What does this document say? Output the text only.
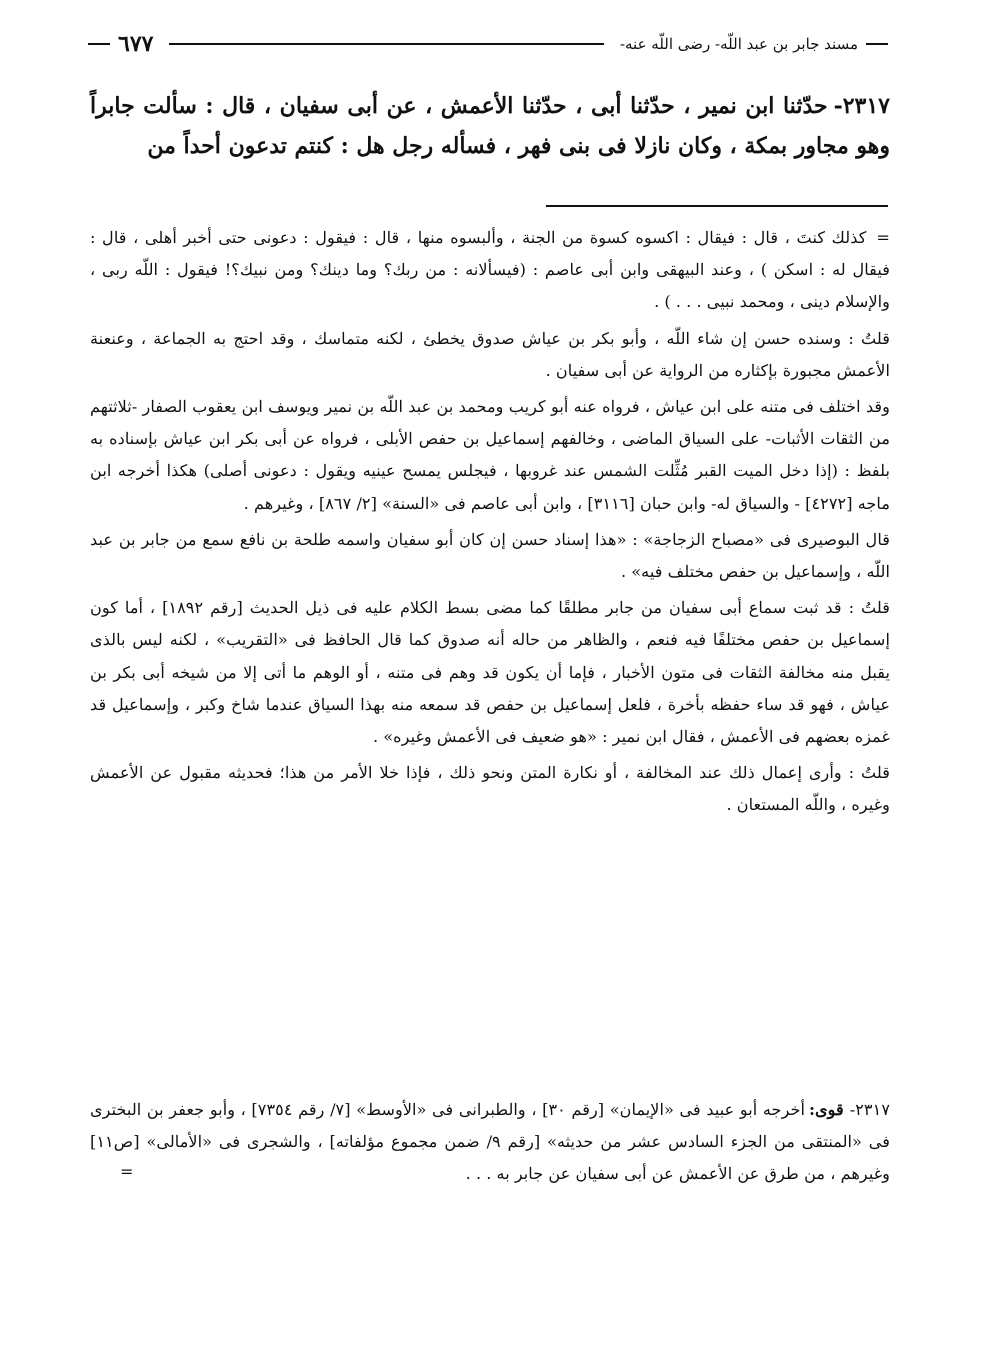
مسند جابر بن عبد اللّه- رضى اللّه عنه-
٦٧٧
٢٣١٧-حدّثنا ابن نمير ، حدّثنا أبى ، حدّثنا الأعمش ، عن أبى سفيان ، قال : سألت جابراً وهو مجاور بمكة ، وكان نازلا فى بنى فهر ، فسأله رجل هل : كنتم تدعون أحداً من

=كذلك كنتَ ، قال : فيقال : اكسوه كسوة من الجنة ، وألبسوه منها ، قال : فيقول : دعونى حتى أخبر أهلى ، قال : فيقال له : اسكن ) ، وعند البيهقى وابن أبى عاصم : (فيسألانه : من ربك؟ وما دينك؟ ومن نبيك؟! فيقول : اللّه ربى ، والإسلام دينى ، ومحمد نبيى . . . ) .

قلتُ : وسنده حسن إن شاء اللّه ، وأبو بكر بن عياش صدوق يخطئ ، لكنه متماسك ، وقد احتج به الجماعة ، وعنعنة الأعمش مجبورة بإكثاره من الرواية عن أبى سفيان .

وقد اختلف فى متنه على ابن عياش ، فرواه عنه أبو كريب ومحمد بن عبد اللّه بن نمير ويوسف ابن يعقوب الصفار -ثلاثتهم من الثقات الأثبات- على السياق الماضى ، وخالفهم إسماعيل بن حفص الأبلى ، فرواه عن أبى بكر ابن عياش بإسناده به بلفظ : (إذا دخل الميت القبر مُثِّلت الشمس عند غروبها ، فيجلس يمسح عينيه ويقول : دعونى أصلى) هكذا أخرجه ابن ماجه [٤٢٧٢] - والسياق له- وابن حبان [٣١١٦] ، وابن أبى عاصم فى «السنة» [٢/ ٨٦٧] ، وغيرهم .

قال البوصيرى فى «مصباح الزجاجة» : «هذا إسناد حسن إن كان أبو سفيان واسمه طلحة بن نافع سمع من جابر بن عبد اللّه ، وإسماعيل بن حفص مختلف فيه» .

قلتُ : قد ثبت سماع أبى سفيان من جابر مطلقًا كما مضى بسط الكلام عليه فى ذيل الحديث [رقم ١٨٩٢] ، أما كون إسماعيل بن حفص مختلفًا فيه فنعم ، والظاهر من حاله أنه صدوق كما قال الحافظ فى «التقريب» ، لكنه ليس بالذى يقبل منه مخالفة الثقات فى متون الأخبار ، فإما أن يكون قد وهم فى متنه ، أو الوهم ما أتى إلا من شيخه أبى بكر بن عياش ، فهو قد ساء حفظه بأخرة ، فلعل إسماعيل بن حفص قد سمعه منه بهذا السياق عندما شاخ وكبر ، وإسماعيل قد غمزه بعضهم فى الأعمش ، فقال ابن نمير : «هو ضعيف فى الأعمش وغيره» .

قلتُ : وأرى إعمال ذلك عند المخالفة ، أو نكارة المتن ونحو ذلك ، فإذا خلا الأمر من هذا؛ فحديثه مقبول عن الأعمش وغيره ، واللّه المستعان .

٢٣١٧-قوى:أخرجه أبو عبيد فى «الإيمان» [رقم ٣٠] ، والطبرانى فى «الأوسط» [٧/ رقم ٧٣٥٤] ، وأبو جعفر بن البخترى فى «المنتقى من الجزء السادس عشر من حديثه» [رقم ٩/ ضمن مجموع مؤلفاته] ، والشجرى فى «الأمالى» [ص١١] وغيرهم ، من طرق عن الأعمش عن أبى سفيان عن جابر به . . .

=
